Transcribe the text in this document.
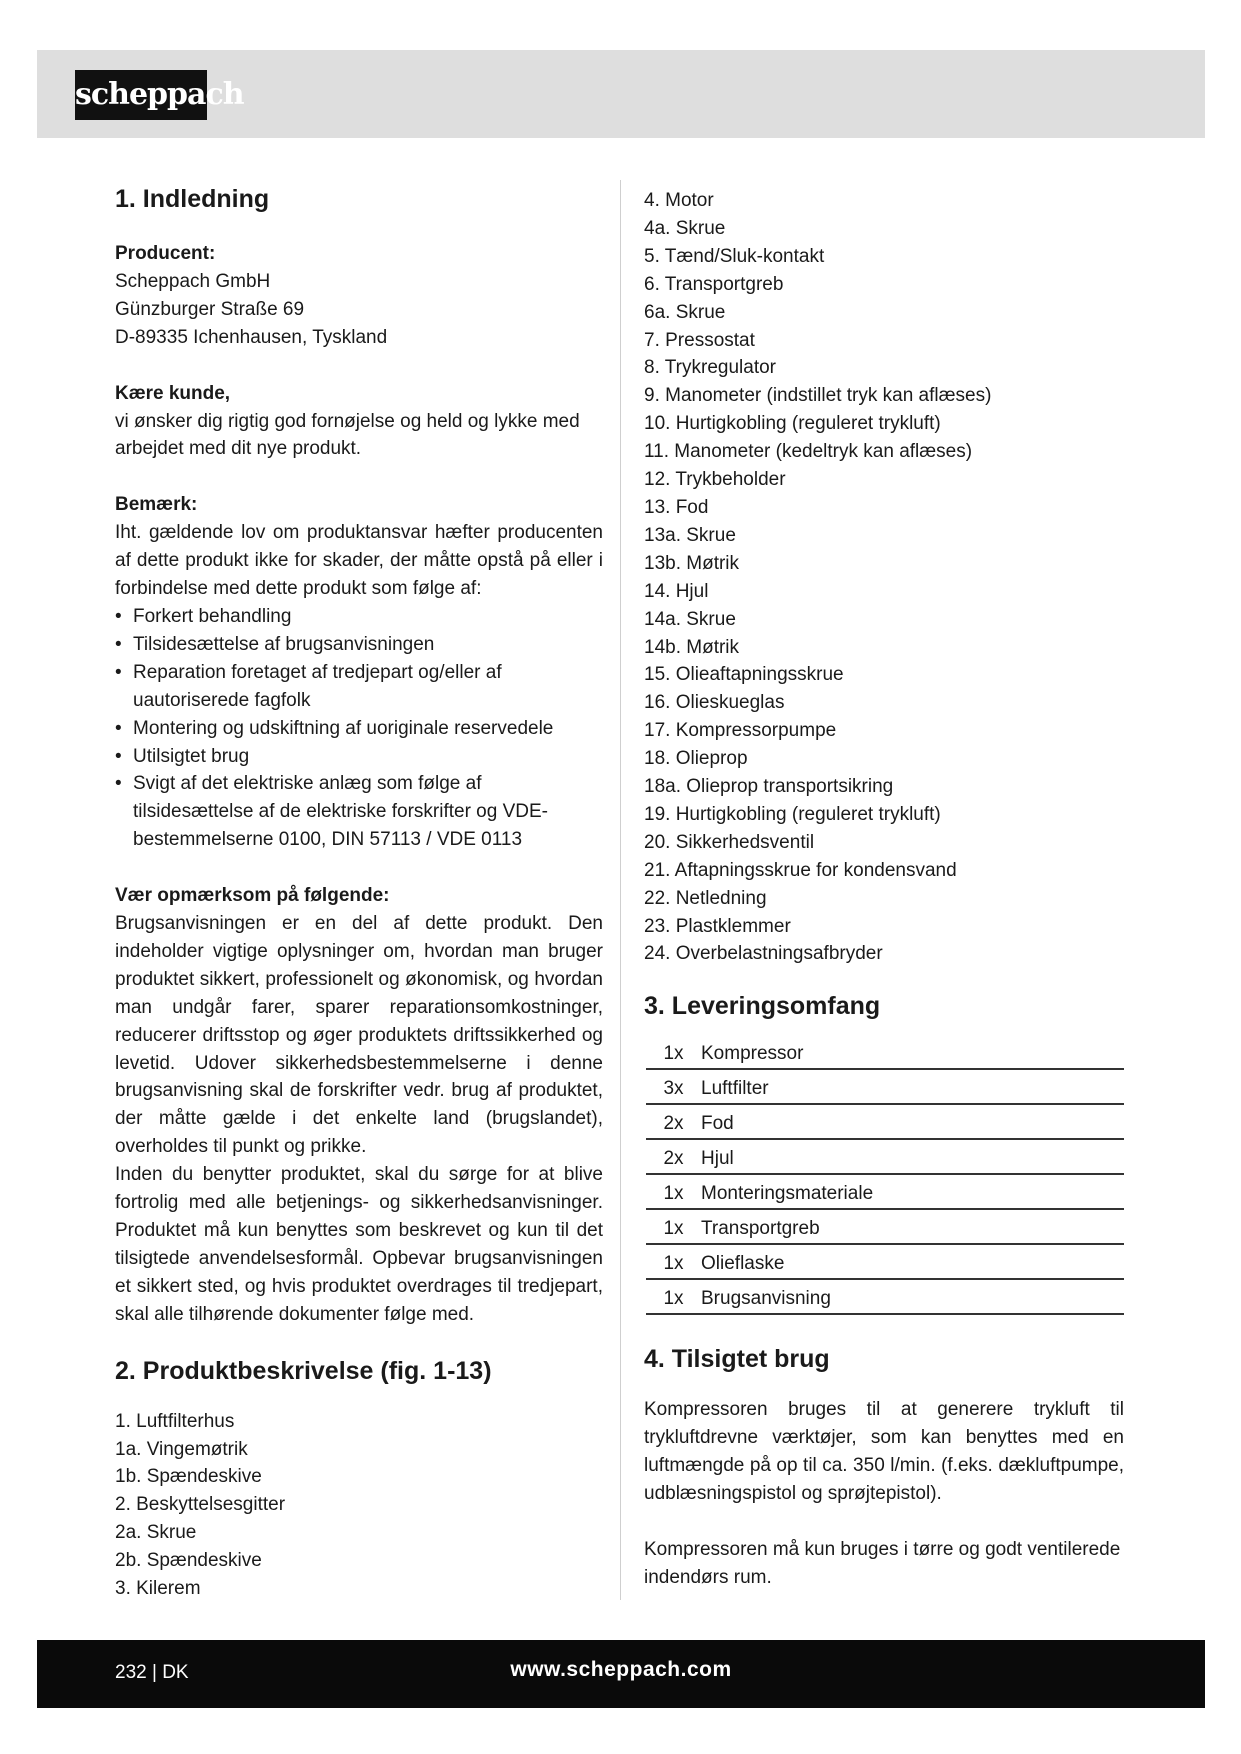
scheppach
1. Indledning

Producent:

Scheppach GmbH

Günzburger Straße 69

D-89335 Ichenhausen, Tyskland

Kære kunde,

vi ønsker dig rigtig god fornøjelse og held og lykke med arbejdet med dit nye produkt.

Bemærk:

Iht. gældende lov om produktansvar hæfter producenten af dette produkt ikke for skader, der måtte opstå på eller i forbindelse med dette produkt som følge af:

• Forkert behandling
• Tilsidesættelse af brugsanvisningen
• Reparation foretaget af tredjepart og/eller af uautoriserede fagfolk
• Montering og udskiftning af uoriginale reservedele
• Utilsigtet brug
• Svigt af det elektriske anlæg som følge af tilsidesættelse af de elektriske forskrifter og VDE-bestemmelserne 0100, DIN 57113 / VDE 0113

Vær opmærksom på følgende:

Brugsanvisningen er en del af dette produkt. Den indeholder vigtige oplysninger om, hvordan man bruger produktet sikkert, professionelt og økonomisk, og hvordan man undgår farer, sparer reparationsomkostninger, reducerer driftsstop og øger produktets driftssikkerhed og levetid. Udover sikkerhedsbestemmelserne i denne brugsanvisning skal de forskrifter vedr. brug af produktet, der måtte gælde i det enkelte land (brugslandet), overholdes til punkt og prikke.

Inden du benytter produktet, skal du sørge for at blive fortrolig med alle betjenings- og sikkerhedsanvisninger. Produktet må kun benyttes som beskrevet og kun til det tilsigtede anvendelsesformål. Opbevar brugsanvisningen et sikkert sted, og hvis produktet overdrages til tredjepart, skal alle tilhørende dokumenter følge med.

2. Produktbeskrivelse (fig. 1-13)
1. Luftfilterhus
1a. Vingemøtrik
1b. Spændeskive
2. Beskyttelsesgitter
2a. Skrue
2b. Spændeskive
3. Kilerem
4. Motor
4a. Skrue
5. Tænd/Sluk-kontakt
6. Transportgreb
6a. Skrue
7. Pressostat
8. Trykregulator
9. Manometer (indstillet tryk kan aflæses)
10. Hurtigkobling (reguleret trykluft)
11. Manometer (kedeltryk kan aflæses)
12. Trykbeholder
13. Fod
13a. Skrue
13b. Møtrik
14. Hjul
14a. Skrue
14b. Møtrik
15. Olieaftapningsskrue
16. Olieskueglas
17. Kompressorpumpe
18. Olieprop
18a. Olieprop transportsikring
19. Hurtigkobling (reguleret trykluft)
20. Sikkerhedsventil
21. Aftapningsskrue for kondensvand
22. Netledning
23. Plastklemmer
24. Overbelastningsafbryder
3. Leveringsomfang
1x	Kompressor
3x	Luftfilter
2x	Fod
2x	Hjul
1x	Monteringsmateriale
1x	Transportgreb
1x	Olieflaske
1x	Brugsanvisning
4. Tilsigtet brug

Kompressoren bruges til at generere trykluft til trykluftdrevne værktøjer, som kan benyttes med en luftmængde på op til ca. 350 l/min. (f.eks. dækluftpumpe, udblæsningspistol og sprøjtepistol).

Kompressoren må kun bruges i tørre og godt ventilerede indendørs rum.

232 | DK	www.scheppach.com
